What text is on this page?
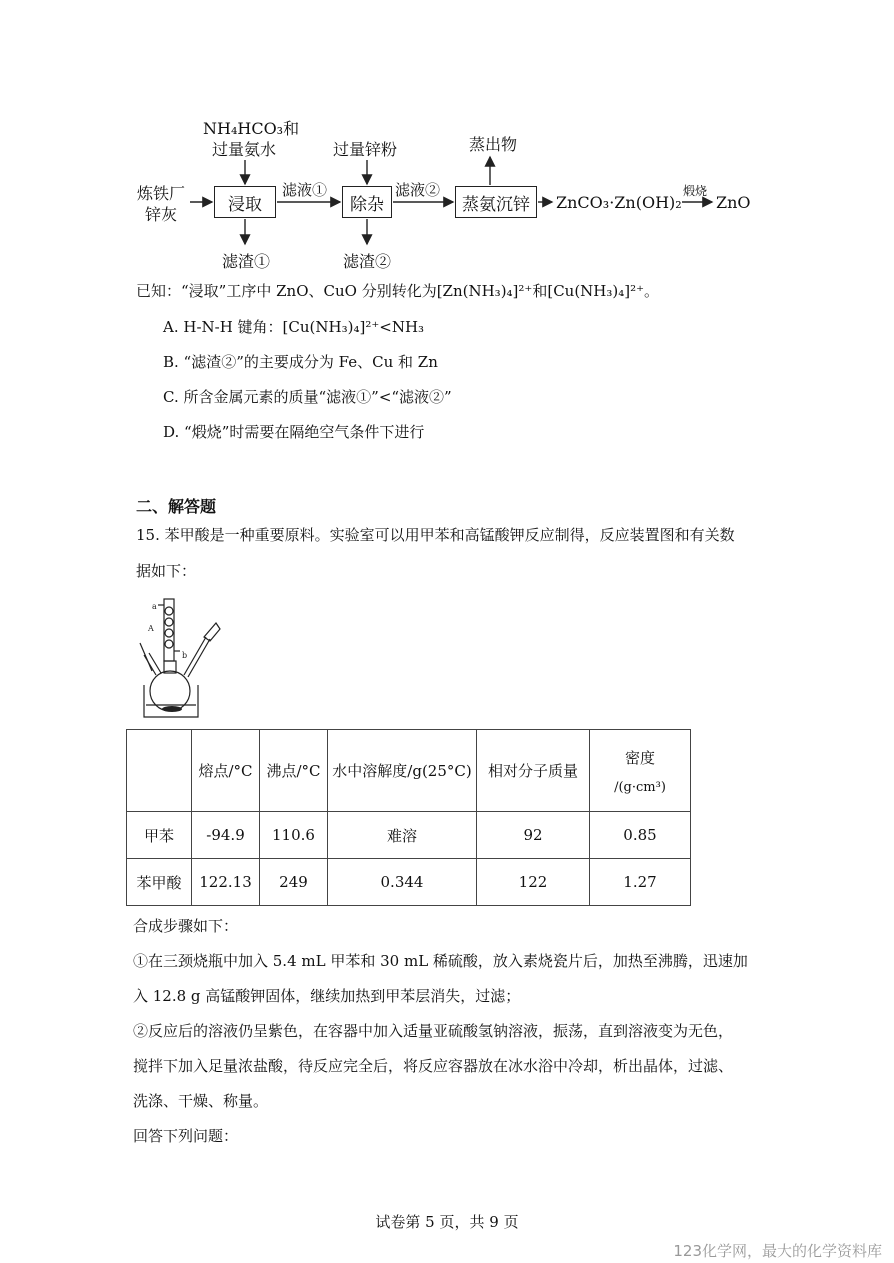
NH₄HCO₃和
过量氨水	过量锌粉	蒸出物
炼铁厂
锌灰	浸取	除杂	蒸氨沉锌
滤液①	滤液②
滤渣①	滤渣②
ZnCO₃·Zn(OH)₂
煅烧
ZnO
已知：“浸取”工序中 ZnO、CuO 分别转化为[Zn(NH₃)₄]²⁺和[Cu(NH₃)₄]²⁺。
A. H-N-H 键角：[Cu(NH₃)₄]²⁺<NH₃
B. “滤渣②”的主要成分为 Fe、Cu 和 Zn
C. 所含金属元素的质量“滤液①”<“滤液②”
D. “煅烧”时需要在隔绝空气条件下进行
二、解答题
15. 苯甲酸是一种重要原料。实验室可以用甲苯和高锰酸钾反应制得，反应装置图和有关数
据如下：
a
A
b
	熔点/°C	沸点/°C	水中溶解度/g(25°C)	相对分子质量	密度
/(g·cm³)

甲苯	-94.9	110.6	难溶	92	0.85
苯甲酸	122.13	249	0.344	122	1.27
合成步骤如下：
①在三颈烧瓶中加入 5.4 mL 甲苯和 30 mL 稀硫酸，放入素烧瓷片后，加热至沸腾，迅速加
入 12.8 g 高锰酸钾固体，继续加热到甲苯层消失，过滤；
②反应后的溶液仍呈紫色，在容器中加入适量亚硫酸氢钠溶液，振荡，直到溶液变为无色，
搅拌下加入足量浓盐酸，待反应完全后，将反应容器放在冰水浴中冷却，析出晶体，过滤、
洗涤、干燥、称量。
回答下列问题：
试卷第 5 页，共 9 页
123化学网，最大的化学资料库
